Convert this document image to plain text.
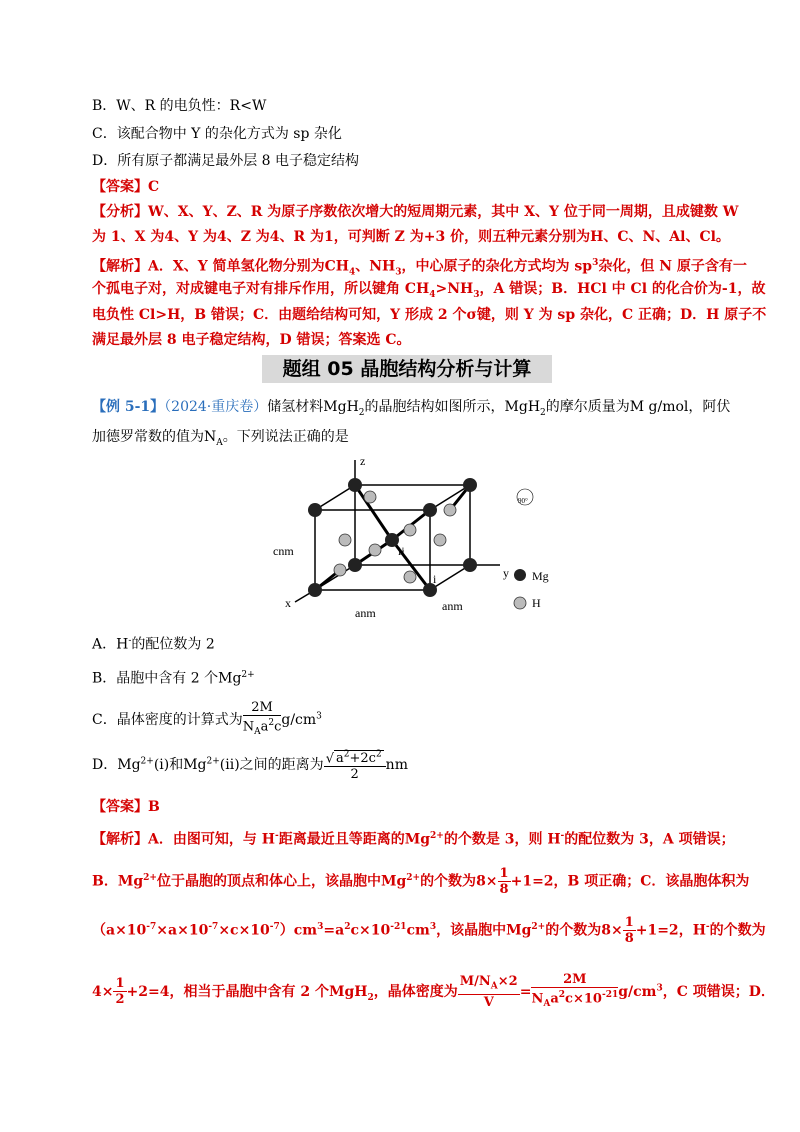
B．W、R 的电负性：R<W
C．该配合物中 Y 的杂化方式为 sp 杂化
D．所有原子都满足最外层 8 电子稳定结构
【答案】C
【分析】W、X、Y、Z、R 为原子序数依次增大的短周期元素，其中 X、Y 位于同一周期，且成键数 W
为 1、X 为4、Y 为4、Z 为4、R 为1，可判断 Z 为+3 价，则五种元素分别为H、C、N、Al、Cl。
【解析】A．X、Y 简单氢化物分别为$CH_4$、$NH_3$，中心原子的杂化方式均为 $sp^3$杂化，但 N 原子含有一
个孤电子对，对成键电子对有排斥作用，所以键角 $CH_4>NH_3$，A 错误；B．HCl 中 Cl 的化合价为-1，故
电负性 Cl>H，B 错误；C．由题给结构可知，Y 形成 2 个σ键，则 Y 为 sp 杂化，C 正确；D．H 原子不
满足最外层 8 电子稳定结构，D 错误；答案选 C。
题组 05 晶胞结构分析与计算
【例 5-1】（2024·重庆卷）储氢材料MgH$_2$的晶胞结构如图所示，MgH$_2$的摩尔质量为M g/mol，阿伏
加德罗常数的值为$N_A$。下列说法正确的是
z
y
x
cnm
anm	anm
i
ii
Mg
H
90°
A．H-的配位数为 2
B．晶胞中含有 2 个$Mg^{2+}$
C．晶体密度的计算式为 $\frac{2M}{N_Aa^2c} g/cm^3$
D．$Mg^{2+}(i)$和$Mg^{2+}(ii)$之间的距离为 $\frac{√ a^2+2c^2}{2}$ nm
【答案】B
【解析】A．由图可知，与 H-距离最近且等距离的$Mg^{2+}$的个数是 3，则 H-的配位数为 3，A 项错误；
B．$Mg^{2+}$位于晶胞的顶点和体心上，该晶胞中$Mg^{2+}$的个数为$8\times \frac{1}{8} +1=2$，B 项正确；C．该晶胞体积为
$(a\times 10^{-7}\times a\times 10^{-7}\times c\times 10^{-7})cm^3=a^2c\times 10^{-21}cm^3$，该晶胞中$Mg^{2+}$的个数为$8\times \frac{1}{8} +1=2$，H-的个数为
$4\times \frac{1}{2} +2=4$，相当于晶胞中含有 2 个MgH$_2$，晶体密度为 $\frac{M/N_A\times 2}{V} = \frac{2M}{N_Aa^2c\times 10^{-21}} g/cm^3$，C 项错误；D．
